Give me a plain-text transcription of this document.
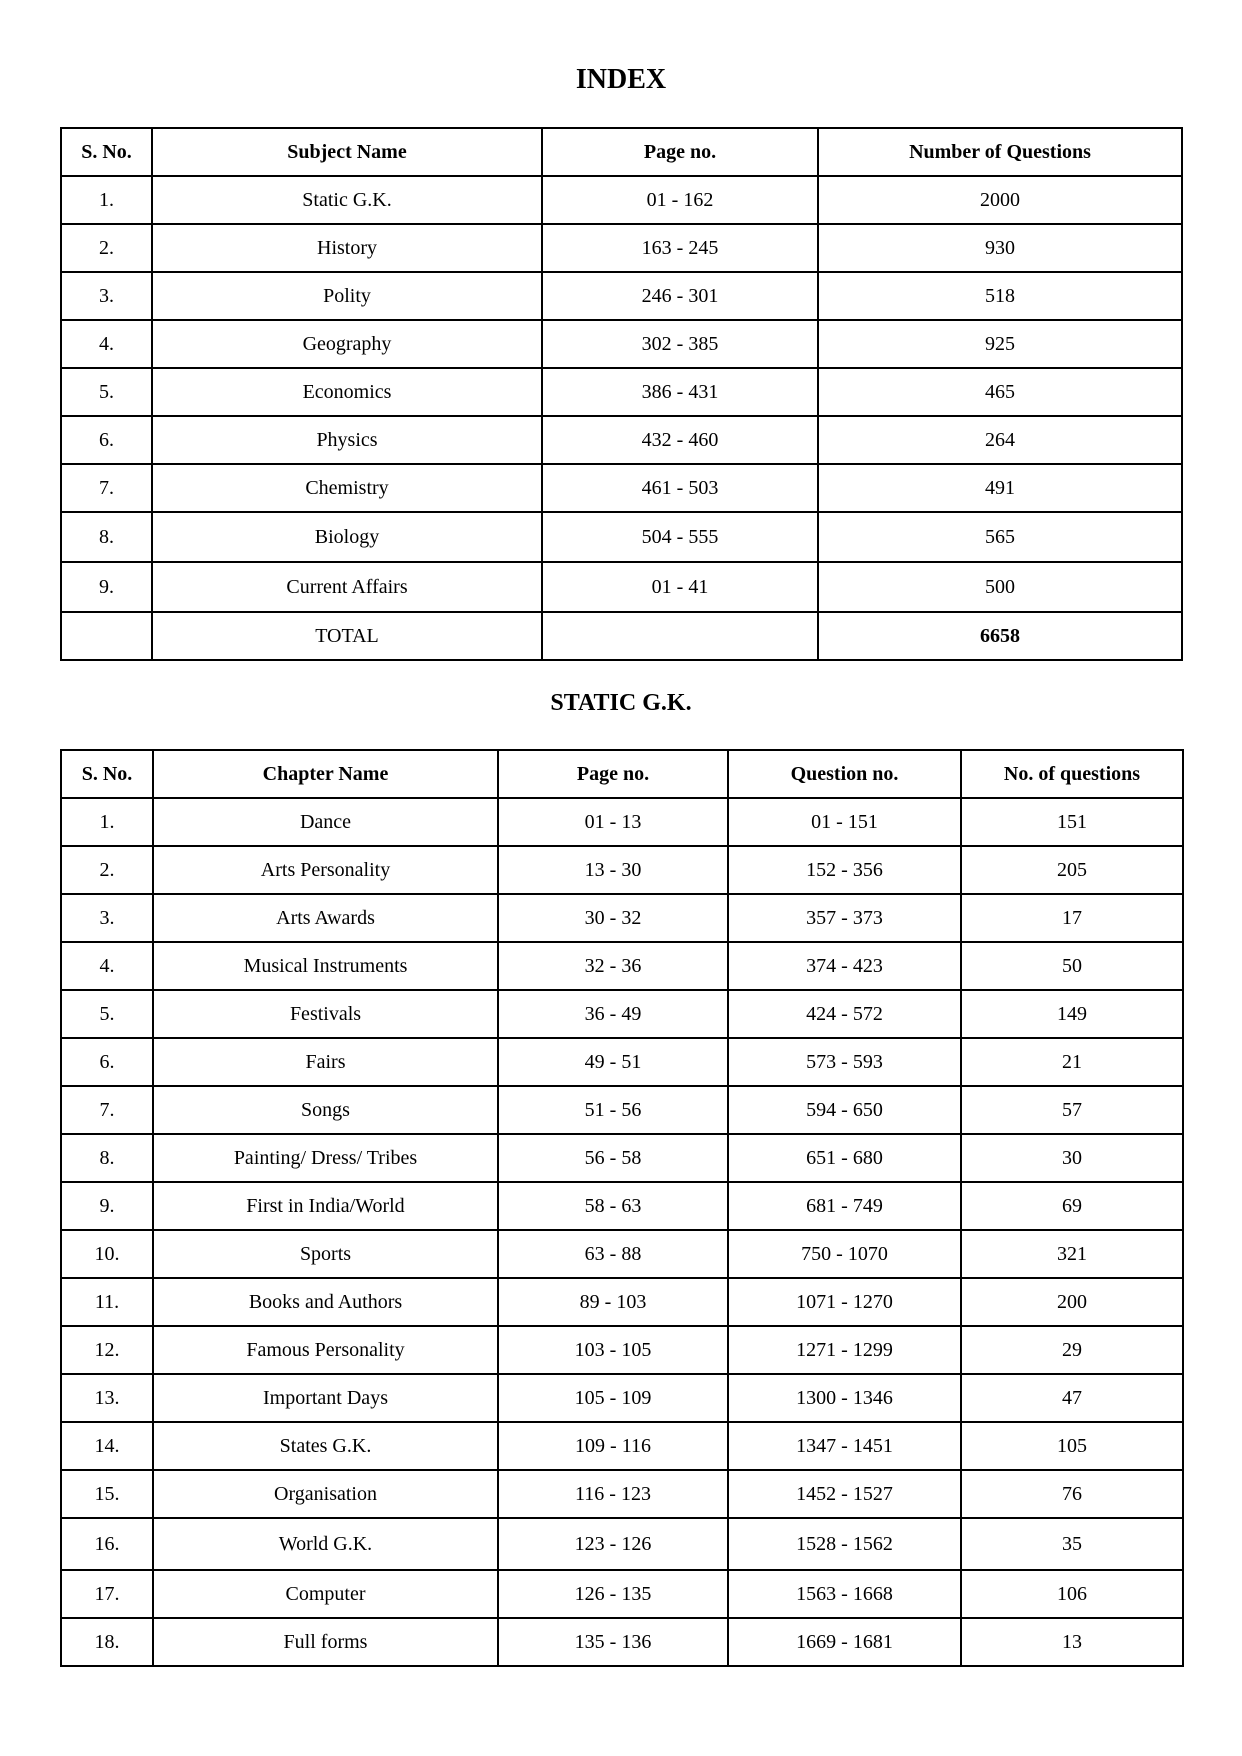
INDEX
S. No.	Subject Name	Page no.	Number of Questions
1.	Static G.K.	01 - 162	2000
2.	History	163 - 245	930
3.	Polity	246 - 301	518
4.	Geography	302 - 385	925
5.	Economics	386 - 431	465
6.	Physics	432 - 460	264
7.	Chemistry	461 - 503	491
8.	Biology	504 - 555	565
9.	Current Affairs	01 - 41	500
	TOTAL		6658
STATIC G.K.
S. No.	Chapter Name	Page no.	Question no.	No. of questions
1.	Dance	01 - 13	01 - 151	151
2.	Arts Personality	13 - 30	152 - 356	205
3.	Arts Awards	30 - 32	357 - 373	17
4.	Musical Instruments	32 - 36	374 - 423	50
5.	Festivals	36 - 49	424 - 572	149
6.	Fairs	49 - 51	573 - 593	21
7.	Songs	51 - 56	594 - 650	57
8.	Painting/ Dress/ Tribes	56 - 58	651 - 680	30
9.	First in India/World	58 - 63	681 - 749	69
10.	Sports	63 - 88	750 - 1070	321
11.	Books and Authors	89 - 103	1071 - 1270	200
12.	Famous Personality	103 - 105	1271 - 1299	29
13.	Important Days	105 - 109	1300 - 1346	47
14.	States G.K.	109 - 116	1347 - 1451	105
15.	Organisation	116 - 123	1452 - 1527	76
16.	World G.K.	123 - 126	1528 - 1562	35
17.	Computer	126 - 135	1563 - 1668	106
18.	Full forms	135 - 136	1669 - 1681	13
